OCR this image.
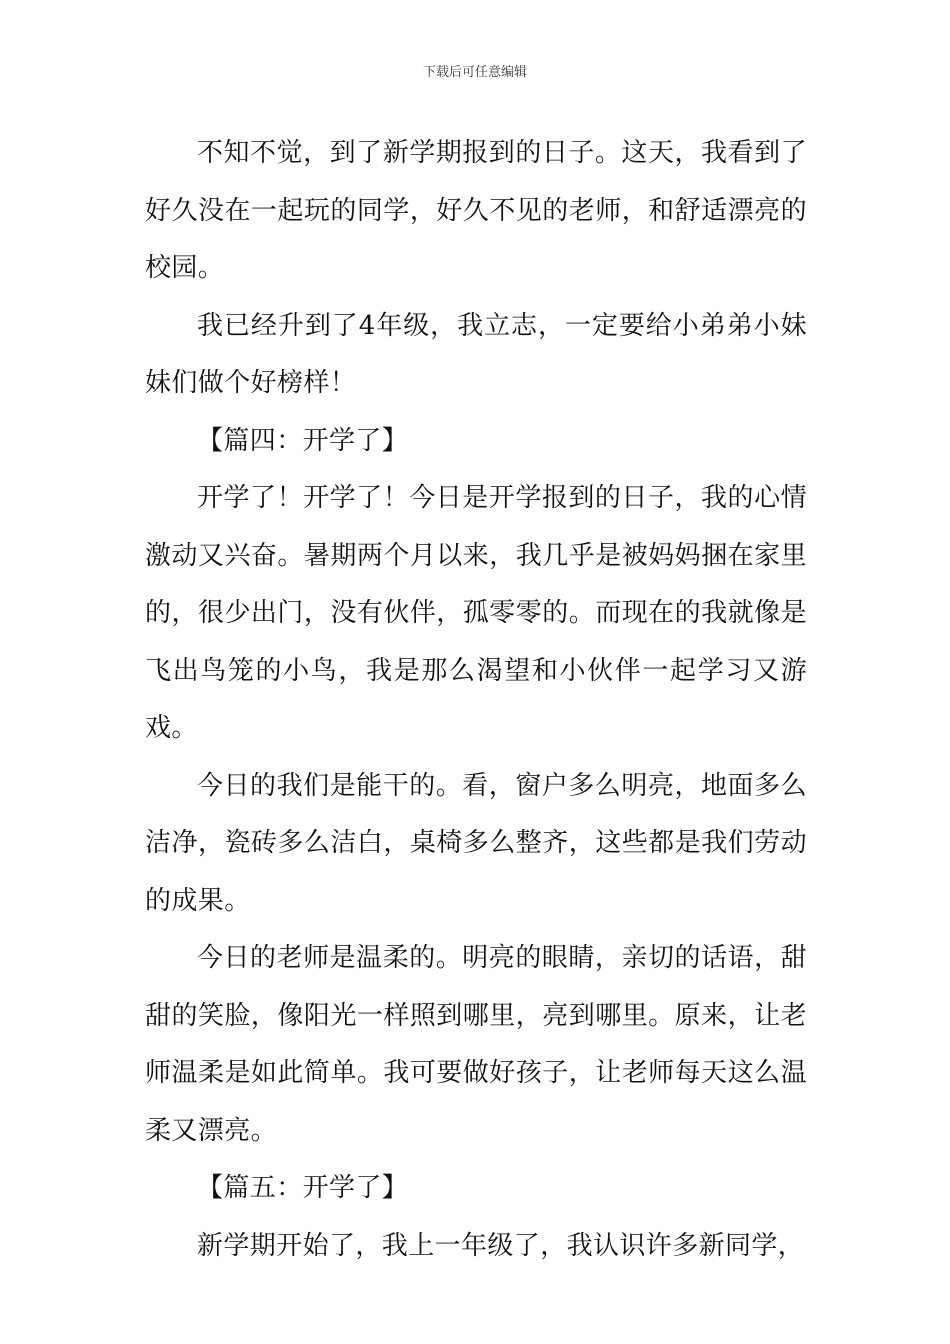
下载后可任意编辑

不知不觉，到了新学期报到的日子。这天，我看到了好久没在一起玩的同学，好久不见的老师，和舒适漂亮的校园。

我已经升到了4年级，我立志，一定要给小弟弟小妹妹们做个好榜样！

【篇四：开学了】

开学了！开学了！今日是开学报到的日子，我的心情激动又兴奋。暑期两个月以来，我几乎是被妈妈捆在家里的，很少出门，没有伙伴，孤零零的。而现在的我就像是飞出鸟笼的小鸟，我是那么渴望和小伙伴一起学习又游戏。

今日的我们是能干的。看，窗户多么明亮，地面多么洁净，瓷砖多么洁白，桌椅多么整齐，这些都是我们劳动的成果。

今日的老师是温柔的。明亮的眼睛，亲切的话语，甜甜的笑脸，像阳光一样照到哪里，亮到哪里。原来，让老师温柔是如此简单。我可要做好孩子，让老师每天这么温柔又漂亮。

【篇五：开学了】

新学期开始了，我上一年级了，我认识许多新同学，
